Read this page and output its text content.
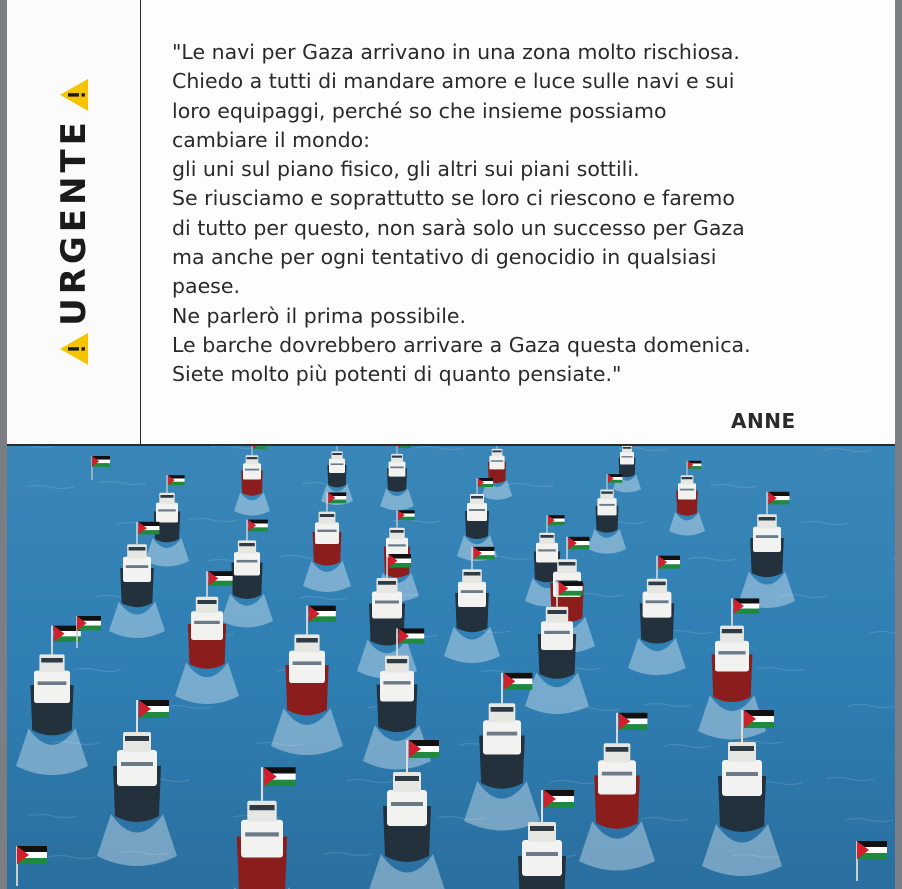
URGENTE
"Le navi per Gaza arrivano in una zona molto rischiosa.
Chiedo a tutti di mandare amore e luce sulle navi e sui
loro equipaggi, perché so che insieme possiamo
cambiare il mondo:
gli uni sul piano fisico, gli altri sui piani sottili.
Se riusciamo e soprattutto se loro ci riescono e faremo
di tutto per questo, non sarà solo un successo per Gaza
ma anche per ogni tentativo di genocidio in qualsiasi
paese.
Ne parlerò il prima possibile.
Le barche dovrebbero arrivare a Gaza questa domenica.
Siete molto più potenti di quanto pensiate."
ANNE
